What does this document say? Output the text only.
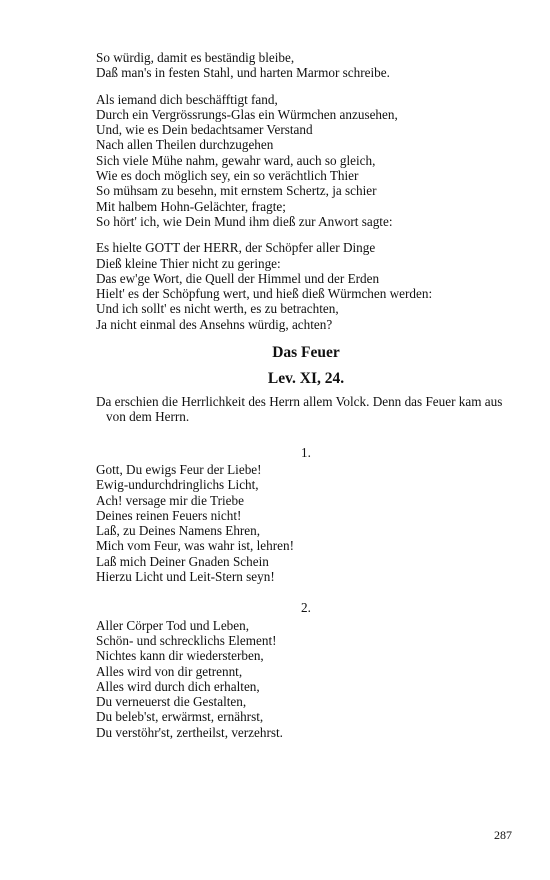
So würdig, damit es beständig bleibe,
Daß man's in festen Stahl, und harten Marmor schreibe.
Als iemand dich beschäfftigt fand,
Durch ein Vergrössrungs-Glas ein Würmchen anzusehen,
Und, wie es Dein bedachtsamer Verstand
Nach allen Theilen durchzugehen
Sich viele Mühe nahm, gewahr ward, auch so gleich,
Wie es doch möglich sey, ein so verächtlich Thier
So mühsam zu besehn, mit ernstem Schertz, ja schier
Mit halbem Hohn-Gelächter, fragte;
So hört' ich, wie Dein Mund ihm dieß zur Anwort sagte:
Es hielte GOTT der HERR, der Schöpfer aller Dinge
Dieß kleine Thier nicht zu geringe:
Das ew'ge Wort, die Quell der Himmel und der Erden
Hielt' es der Schöpfung wert, und hieß dieß Würmchen werden:
Und ich sollt' es nicht werth, es zu betrachten,
Ja nicht einmal des Ansehns würdig, achten?
Das Feuer
Lev. XI, 24.
Da erschien die Herrlichkeit des Herrn allem Volck. Denn das Feuer kam aus von dem Herrn.
1.
Gott, Du ewigs Feur der Liebe!
Ewig-undurchdringlichs Licht,
Ach! versage mir die Triebe
Deines reinen Feuers nicht!
Laß, zu Deines Namens Ehren,
Mich vom Feur, was wahr ist, lehren!
Laß mich Deiner Gnaden Schein
Hierzu Licht und Leit-Stern seyn!
2.
Aller Cörper Tod und Leben,
Schön- und schrecklichs Element!
Nichtes kann dir wiedersterben,
Alles wird von dir getrennt,
Alles wird durch dich erhalten,
Du verneuerst die Gestalten,
Du beleb'st, erwärmst, ernährst,
Du verstöhr'st, zertheilst, verzehrst.
287
